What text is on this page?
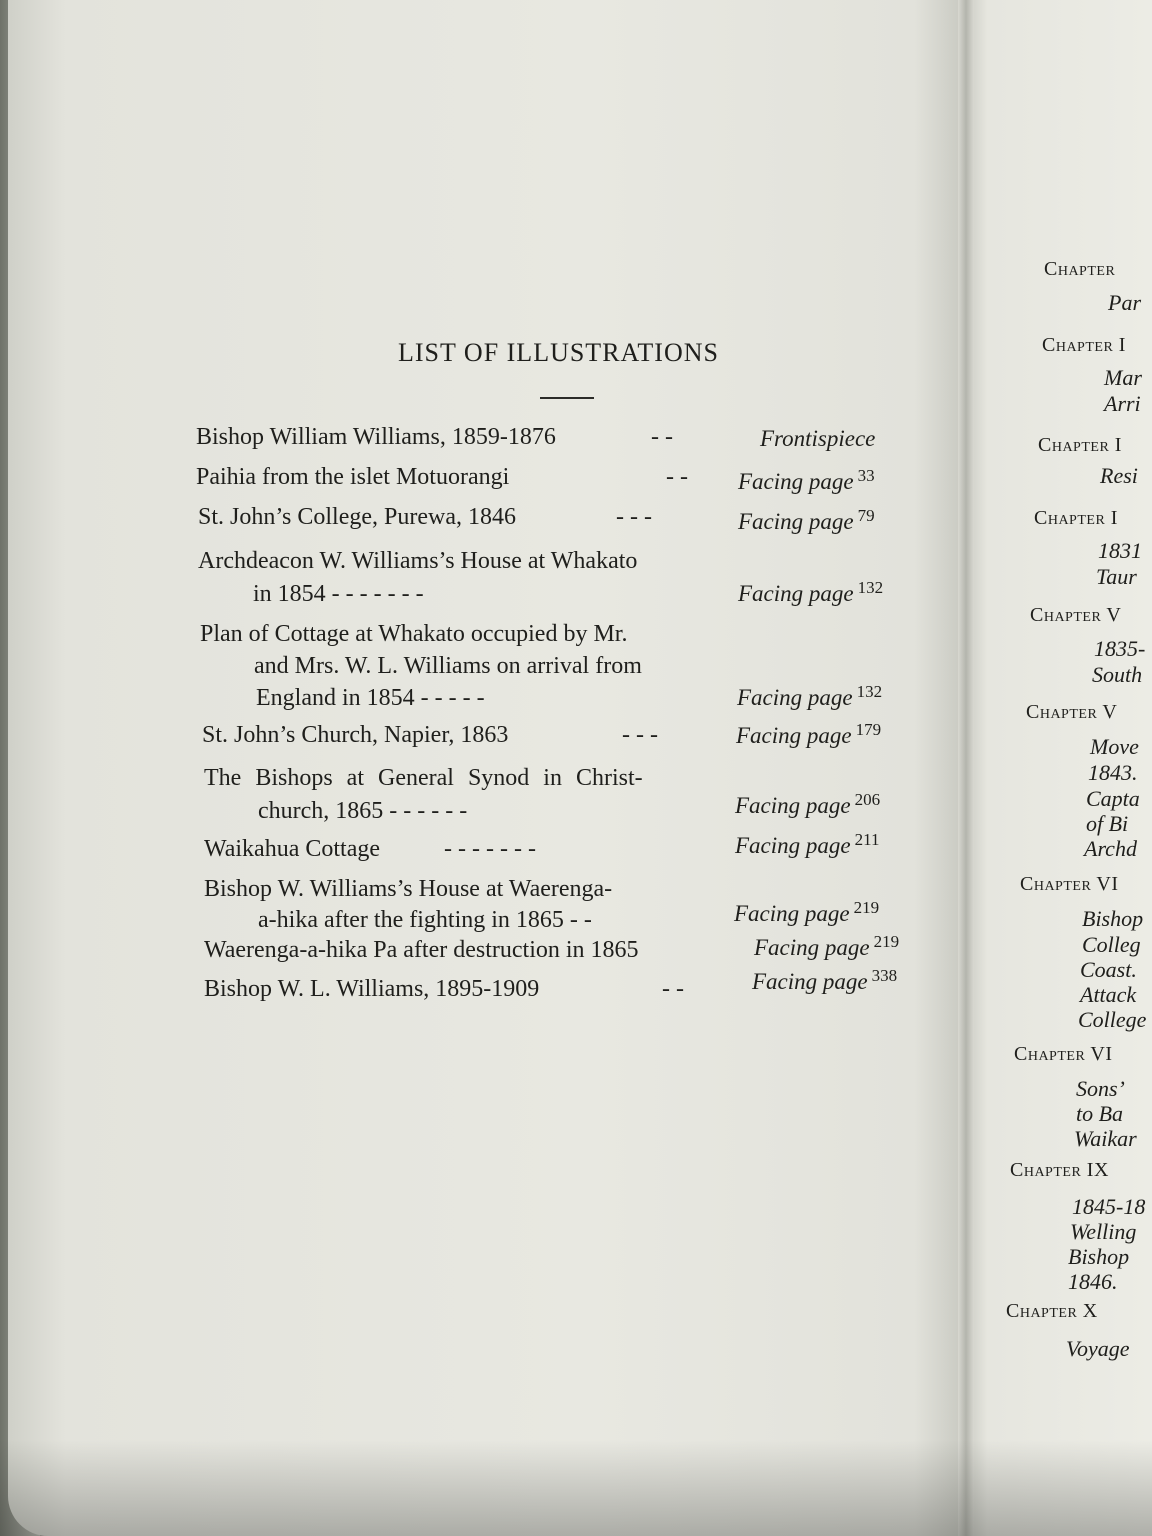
LIST OF ILLUSTRATIONS
Bishop William Williams, 1859-1876	- -	Frontispiece
Paihia from the islet Motuorangi	- - Facing page $^{33}$
St. John’s College, Purewa, 1846	- - -	Facing page $^{79}$
Archdeacon W. Williams’s House at Whakato
in 1854 - - - - - - -	Facing page $^{132}$
Plan of Cottage at Whakato occupied by Mr.
and Mrs. W. L. Williams on arrival from
England in 1854 - - - - -	Facing page $^{132}$
St. John’s Church, Napier, 1863	- - -	Facing page $^{179}$
The Bishops at General Synod in Christ-
church, 1865 - - - - - -	Facing page $^{206}$
Waikahua Cottage	- - - - - - -	Facing page $^{211}$
Bishop W. Williams’s House at Waerenga-
a-hika after the fighting in 1865 - -	Facing page $^{219}$
Waerenga-a-hika Pa after destruction in 1865	Facing page $^{219}$
Bishop W. L. Williams, 1895-1909	- -	Facing page $^{338}$
Chapter
Par
Chapter I
Mar
Arri
Chapter I
Resi
Chapter I
1831
Taur
Chapter V
1835-
South
Chapter V
Move
1843.
Capta
of Bi
Archd
Chapter VI
Bishop
Colleg
Coast.
Attack
College
Chapter VI
Sons’
to Ba
Waikar
Chapter IX
1845-18
Welling
Bishop
1846.
Chapter X
Voyage
